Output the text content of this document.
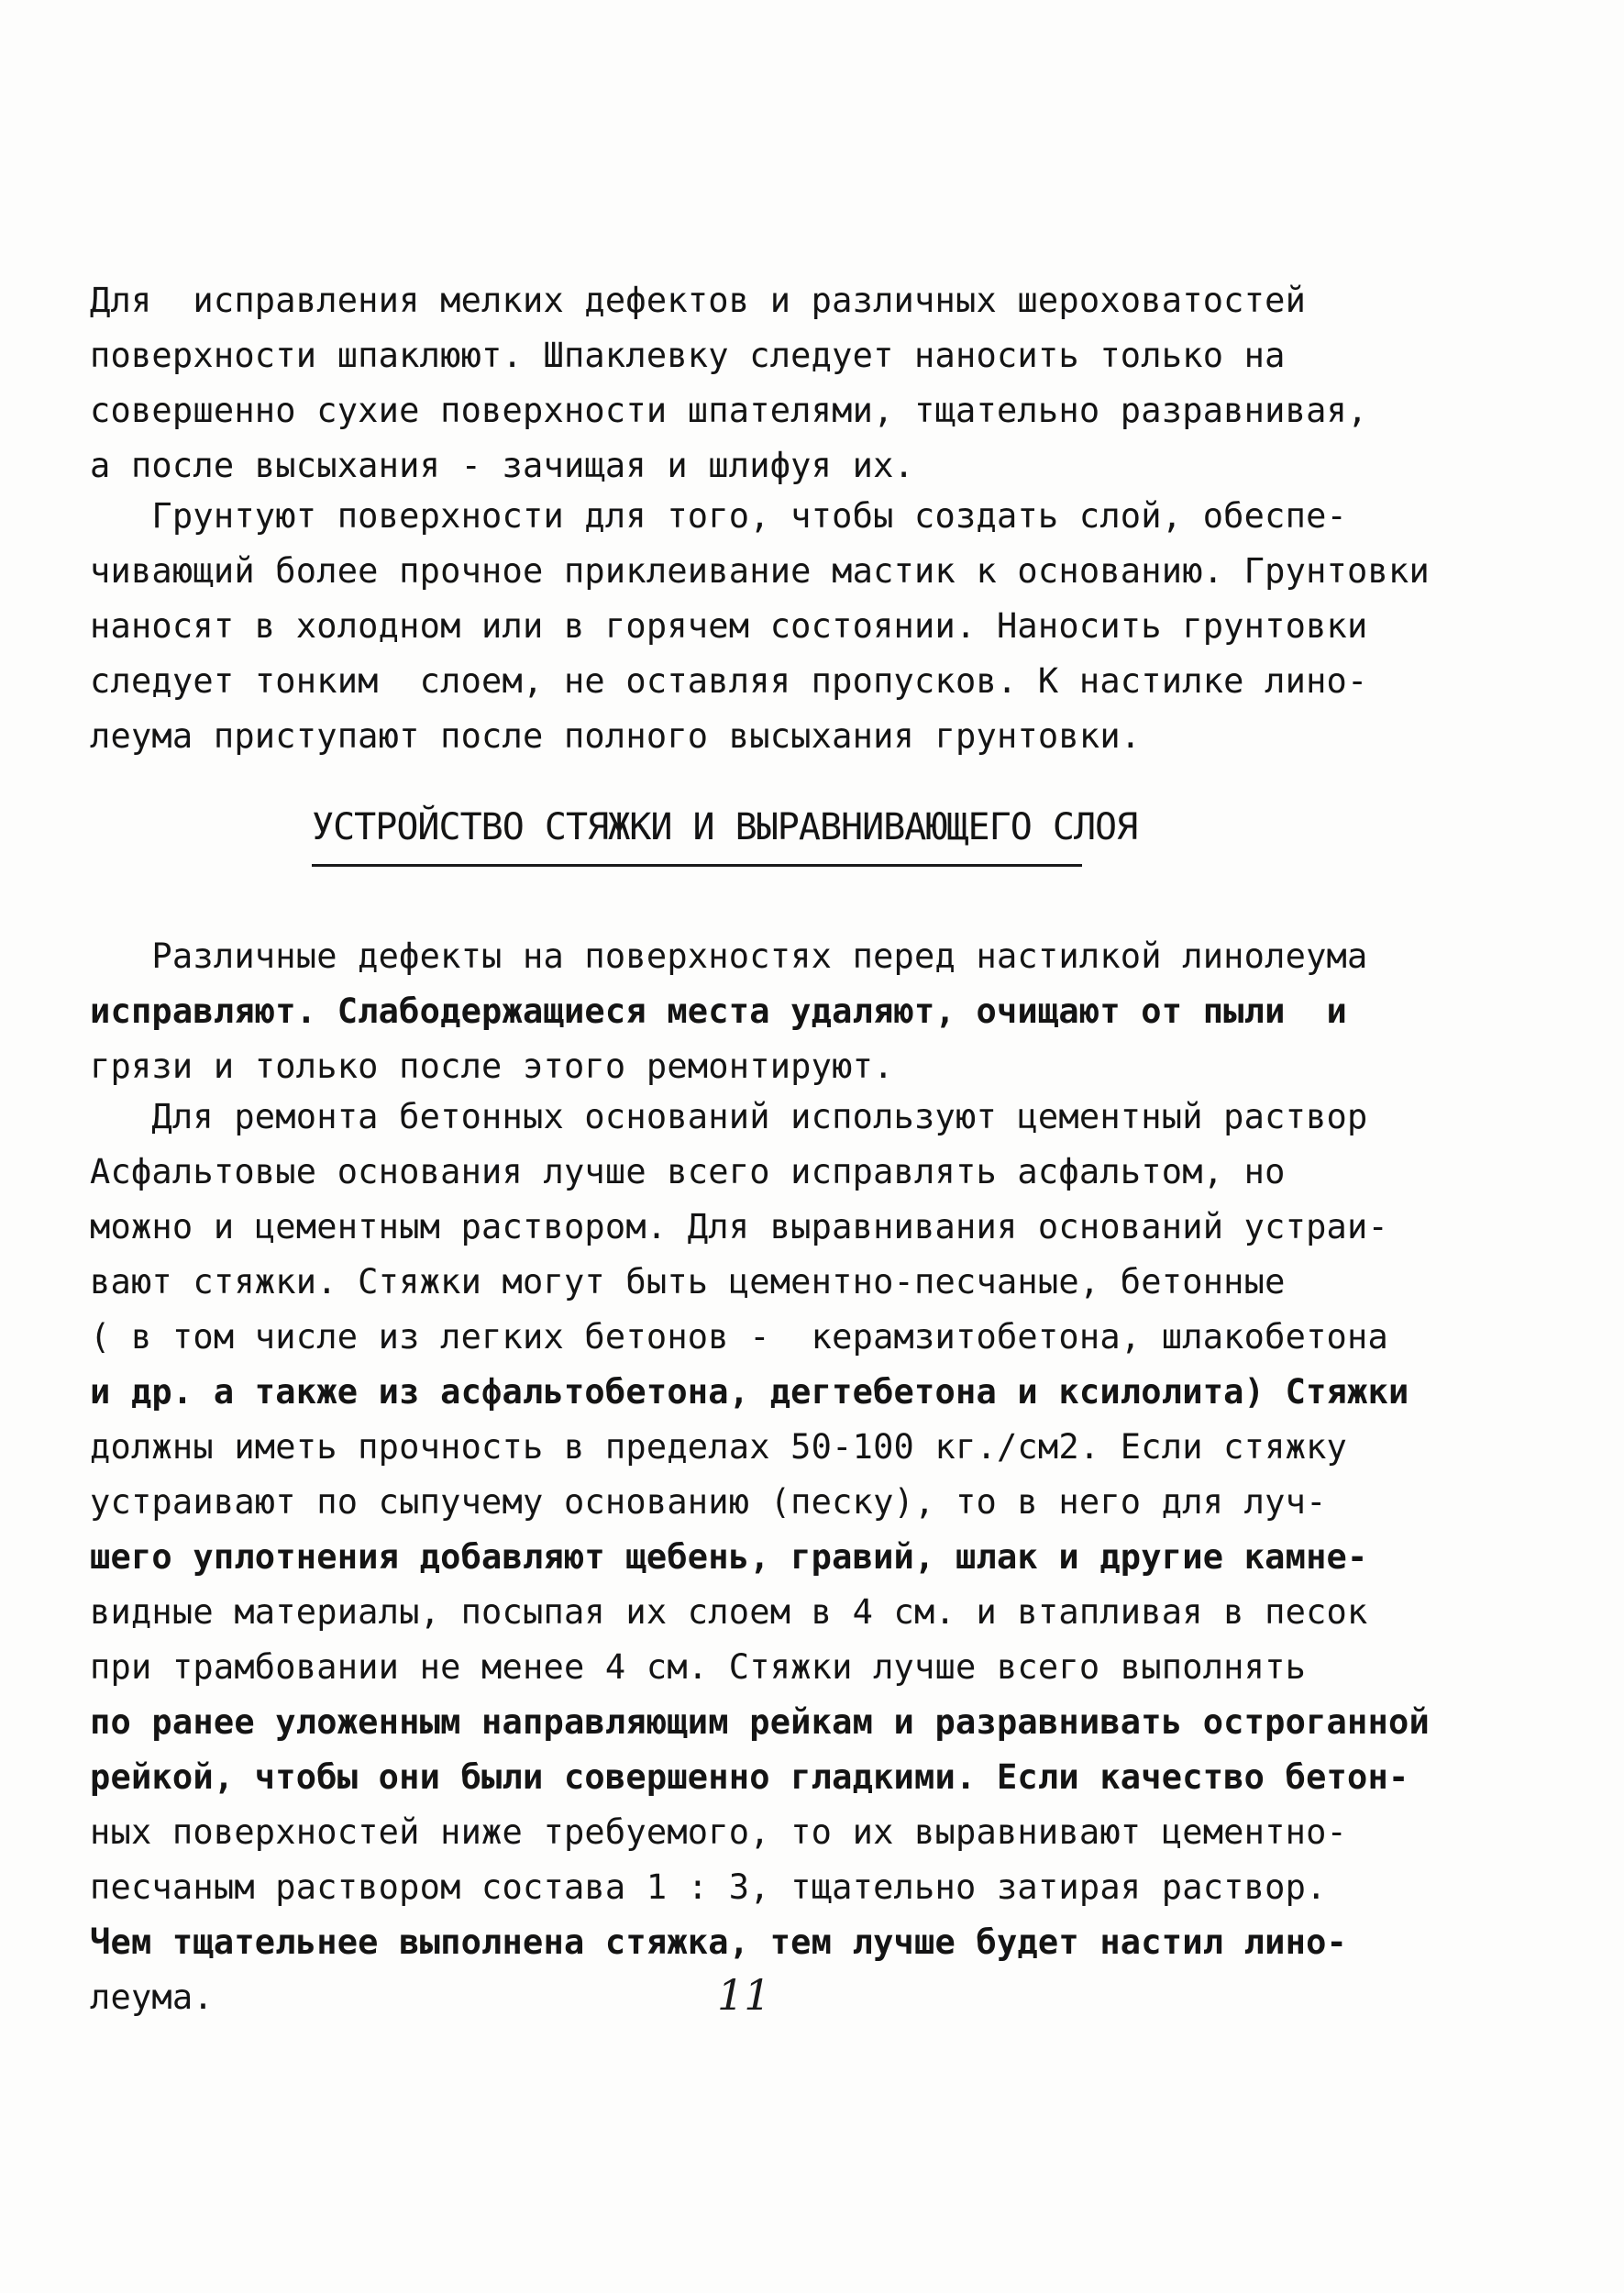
Для  исправления мелких дефектов и различных шероховатостей
поверхности шпаклюют. Шпаклевку следует наносить только на
совершенно сухие поверхности шпателями, тщательно разравнивая,
а после высыхания - зачищая и шлифуя их.
Грунтуют поверхности для того, чтобы создать слой, обеспе-
чивающий более прочное приклеивание мастик к основанию. Грунтовки
наносят в холодном или в горячем состоянии. Наносить грунтовки
следует тонким  слоем, не оставляя пропусков. К настилке лино-
леума приступают после полного высыхания грунтовки.
УСТРОЙСТВО СТЯЖКИ И ВЫРАВНИВАЮЩЕГО СЛОЯ
Различные дефекты на поверхностях перед настилкой линолеума
исправляют. Слабодержащиеся места удаляют, очищают от пыли  и
грязи и только после этого ремонтируют.
Для ремонта бетонных оснований используют цементный раствор
Асфальтовые основания лучше всего исправлять асфальтом, но
можно и цементным раствором. Для выравнивания оснований устраи-
вают стяжки. Стяжки могут быть цементно-песчаные, бетонные
( в том числе из легких бетонов -  керамзитобетона, шлакобетона
и др. а также из асфальтобетона, дегтебетона и ксилолита) Стяжки
должны иметь прочность в пределах 50-100 кг./см2. Если стяжку
устраивают по сыпучему основанию (песку), то в него для луч-
шего уплотнения добавляют щебень, гравий, шлак и другие камне-
видные материалы, посыпая их слоем в 4 см. и втапливая в песок
при трамбовании не менее 4 см. Стяжки лучше всего выполнять
по ранее уложенным направляющим рейкам и разравнивать остроганной
рейкой, чтобы они были совершенно гладкими. Если качество бетон-
ных поверхностей ниже требуемого, то их выравнивают цементно-
песчаным раствором состава 1 : 3, тщательно затирая раствор.
Чем тщательнее выполнена стяжка, тем лучше будет настил лино-
леума.	11
